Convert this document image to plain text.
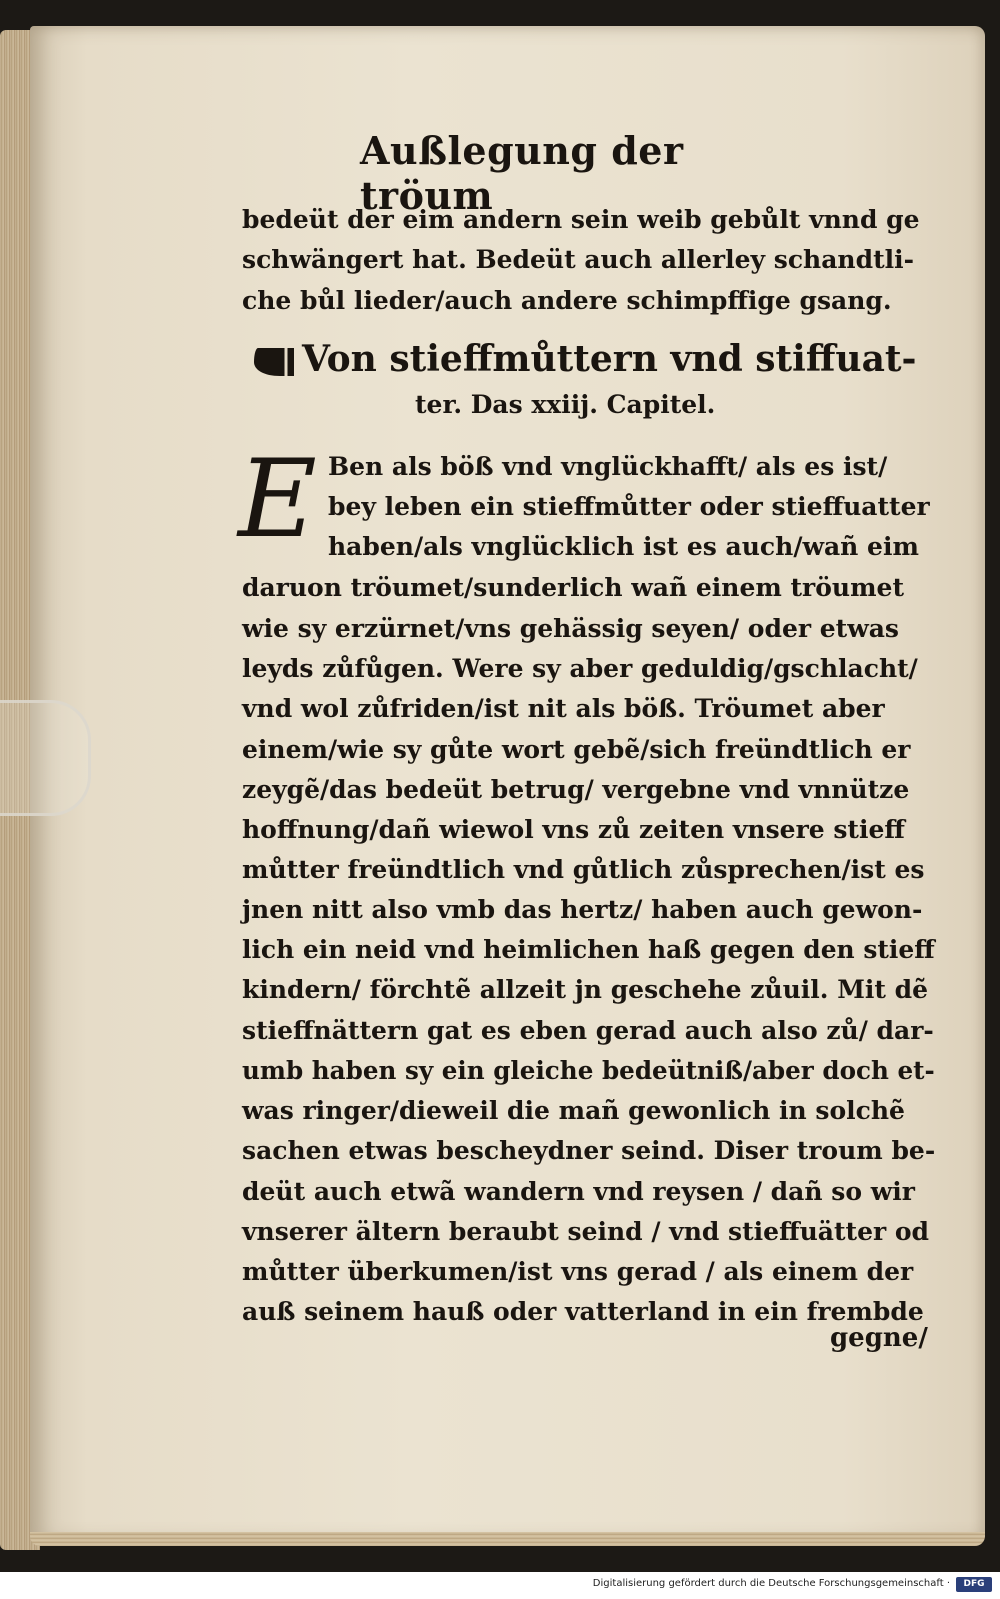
Außlegung der tröum
bedeüt der eim andern sein weib gebůlt vnnd ge
schwängert hat. Bedeüt auch allerley schandtli-
che bůl lieder/auch andere schimpffige gsang.
Von stieffmůttern vnd stiffuat-
ter. Das xxiij. Capitel.
E Ben als böß vnd vnglückhafft/ als es ist/
bey leben ein stieffmůtter oder stieffuatter
haben/als vnglücklich ist es auch/wañ eim
daruon tröumet/sunderlich wañ einem tröumet
wie sy erzürnet/vns gehässig seyen/ oder etwas
leyds zůfůgen. Were sy aber geduldig/gschlacht/
vnd wol zůfriden/ist nit als böß. Tröumet aber
einem/wie sy gůte wort gebẽ/sich freündtlich er
zeygẽ/das bedeüt betrug/ vergebne vnd vnnütze
hoffnung/dañ wiewol vns zů zeiten vnsere stieff
můtter freündtlich vnd gůtlich zůsprechen/ist es
jnen nitt also vmb das hertz/ haben auch gewon-
lich ein neid vnd heimlichen haß gegen den stieff
kindern/ förchtẽ allzeit jn geschehe zůuil. Mit dẽ
stieffnättern gat es eben gerad auch also zů/ dar-
umb haben sy ein gleiche bedeütniß/aber doch et-
was ringer/dieweil die mañ gewonlich in solchẽ
sachen etwas bescheydner seind. Diser troum be-
deüt auch etwã wandern vnd reysen / dañ so wir
vnserer ältern beraubt seind / vnd stieffuätter od
můtter überkumen/ist vns gerad / als einem der
auß seinem hauß oder vatterland in ein frembde
gegne/
Digitalisierung gefördert durch die Deutsche Forschungsgemeinschaft ·	DFG
